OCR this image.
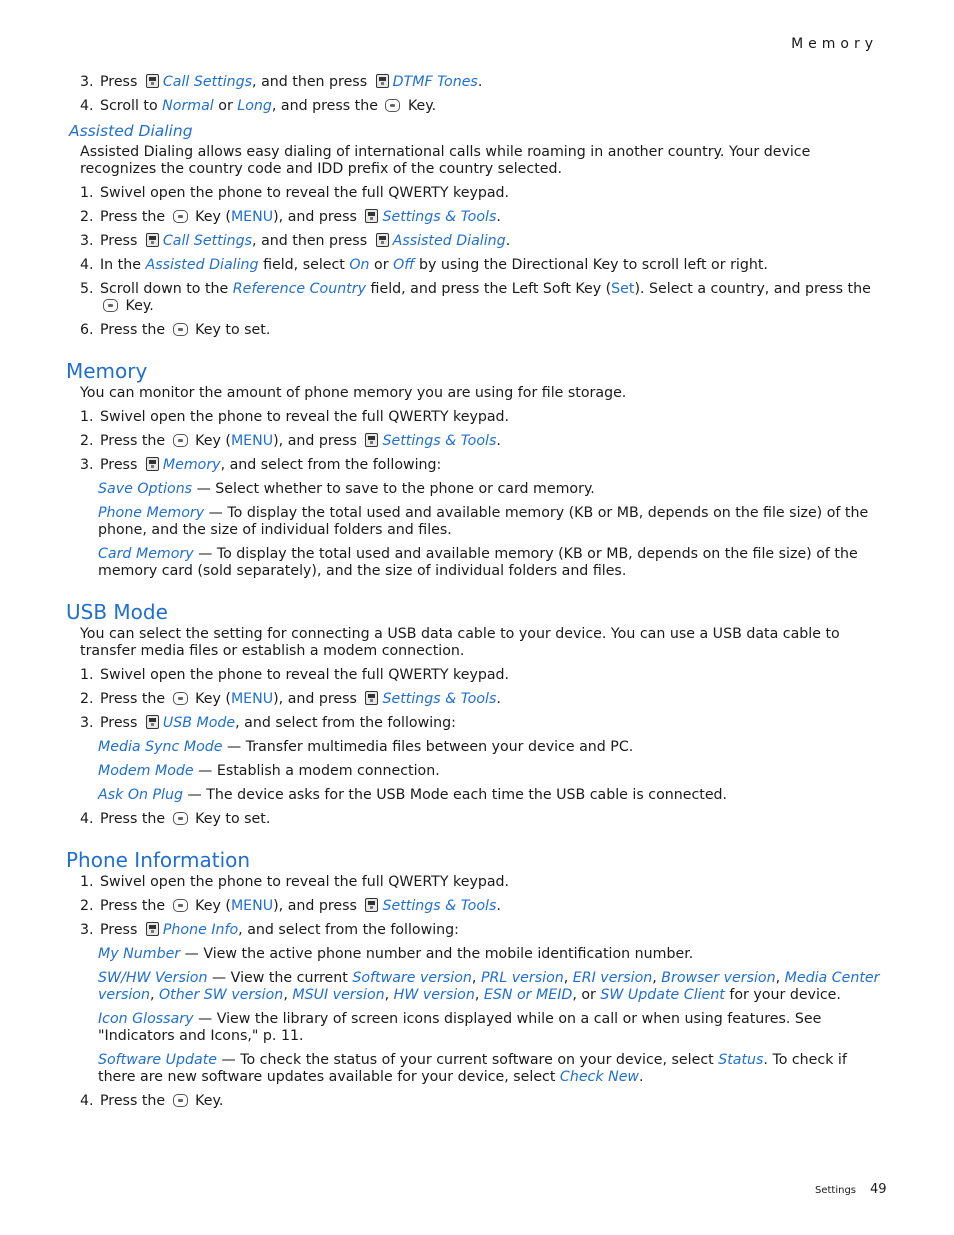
Memory
3. Press Call Settings, and then press DTMF Tones.
4. Scroll to Normal or Long, and press the  Key.
Assisted Dialing
Assisted Dialing allows easy dialing of international calls while roaming in another country. Your device recognizes the country code and IDD prefix of the country selected.
1. Swivel open the phone to reveal the full QWERTY keypad.
2. Press the  Key (MENU), and press Settings & Tools.
3. Press Call Settings, and then press Assisted Dialing.
4. In the Assisted Dialing field, select On or Off by using the Directional Key to scroll left or right.
5. Scroll down to the Reference Country field, and press the Left Soft Key (Set). Select a country, and press the  Key.
6. Press the  Key to set.
Memory
You can monitor the amount of phone memory you are using for file storage.
1. Swivel open the phone to reveal the full QWERTY keypad.
2. Press the  Key (MENU), and press Settings & Tools.
3. Press Memory, and select from the following:
Save Options — Select whether to save to the phone or card memory.
Phone Memory — To display the total used and available memory (KB or MB, depends on the file size) of the phone, and the size of individual folders and files.
Card Memory — To display the total used and available memory (KB or MB, depends on the file size) of the memory card (sold separately), and the size of individual folders and files.
USB Mode
You can select the setting for connecting a USB data cable to your device. You can use a USB data cable to transfer media files or establish a modem connection.
1. Swivel open the phone to reveal the full QWERTY keypad.
2. Press the  Key (MENU), and press Settings & Tools.
3. Press USB Mode, and select from the following:
Media Sync Mode — Transfer multimedia files between your device and PC.
Modem Mode — Establish a modem connection.
Ask On Plug — The device asks for the USB Mode each time the USB cable is connected.
4. Press the  Key to set.
Phone Information
1. Swivel open the phone to reveal the full QWERTY keypad.
2. Press the  Key (MENU), and press Settings & Tools.
3. Press Phone Info, and select from the following:
My Number — View the active phone number and the mobile identification number.
SW/HW Version — View the current Software version, PRL version, ERI version, Browser version, Media Center version, Other SW version, MSUI version, HW version, ESN or MEID, or SW Update Client for your device.
Icon Glossary — View the library of screen icons displayed while on a call or when using features. See "Indicators and Icons," p. 11.
Software Update — To check the status of your current software on your device, select Status. To check if there are new software updates available for your device, select Check New.
4. Press the  Key.
Settings 49
